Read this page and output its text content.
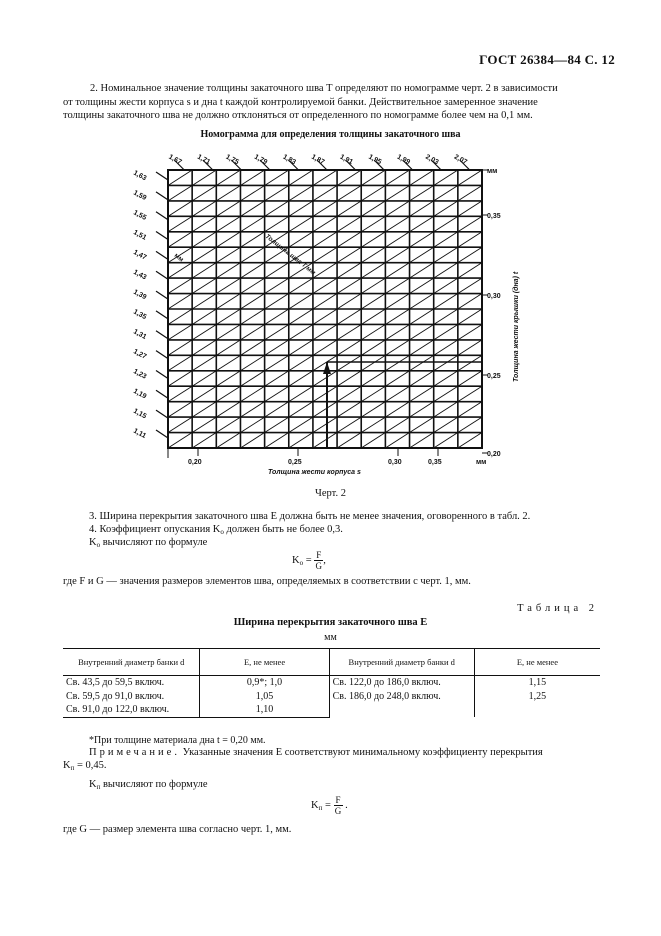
ГОСТ 26384—84 С. 12
2. Номинальное значение толщины закаточного шва T определяют по номограмме черт. 2 в зависимости
от толщины жести корпуса s и дна t каждой контролируемой банки. Действительное замеренное значение
толщины закаточного шва не должно отклоняться от определенного по номограмме более чем на 0,1 мм.
Номограмма для определения толщины закаточного шва
1,67 1,71 1,75 1,79 1,83 1,87 1,91 1,95 1,99 2,03 2,07
1,63
1,59
1,55
1,51
1,47
1,43
1,39
1,35
1,31
1,27
1,23
1,19
1,15
1,11
мм
0,35
0,30
0,25
0,20
Толщина жести крышки (дна) t
0,20	0,25	0,30	0,35	мм
Толщина жести корпуса s
Толщина шва T мм
мм
Черт. 2
3. Ширина перекрытия закаточного шва E должна быть не менее значения, оговоренного в табл. 2.
4. Коэффициент опускания $K_о$ должен быть не более 0,3.
$K_о$ вычисляют по формуле
$K_о = \frac{F}{G}$ ,
где F и G — значения размеров элементов шва, определяемых в соответствии с черт. 1, мм.
Таблица 2
Ширина перекрытия закаточного шва E
мм
Внутренний диаметр банки d	E, не менее	Внутренний диаметр банки d	E, не менее
Св. 43,5 до 59,5 включ.	0,9*; 1,0	Св. 122,0 до 186,0 включ.	1,15
Св. 59,5 до 91,0 включ.	1,05	Св. 186,0 до 248,0 включ.	1,25
Св. 91,0 до 122,0 включ.	1,10		
*При толщине материала дна t = 0,20 мм.
Примечание. Указанные значения E соответствуют минимальному коэффициенту перекрытия
$K_п = 0,45$.
$K_п$ вычисляют по формуле
$K_п = \frac{F}{G}$ .
где G — размер элемента шва согласно черт. 1, мм.
